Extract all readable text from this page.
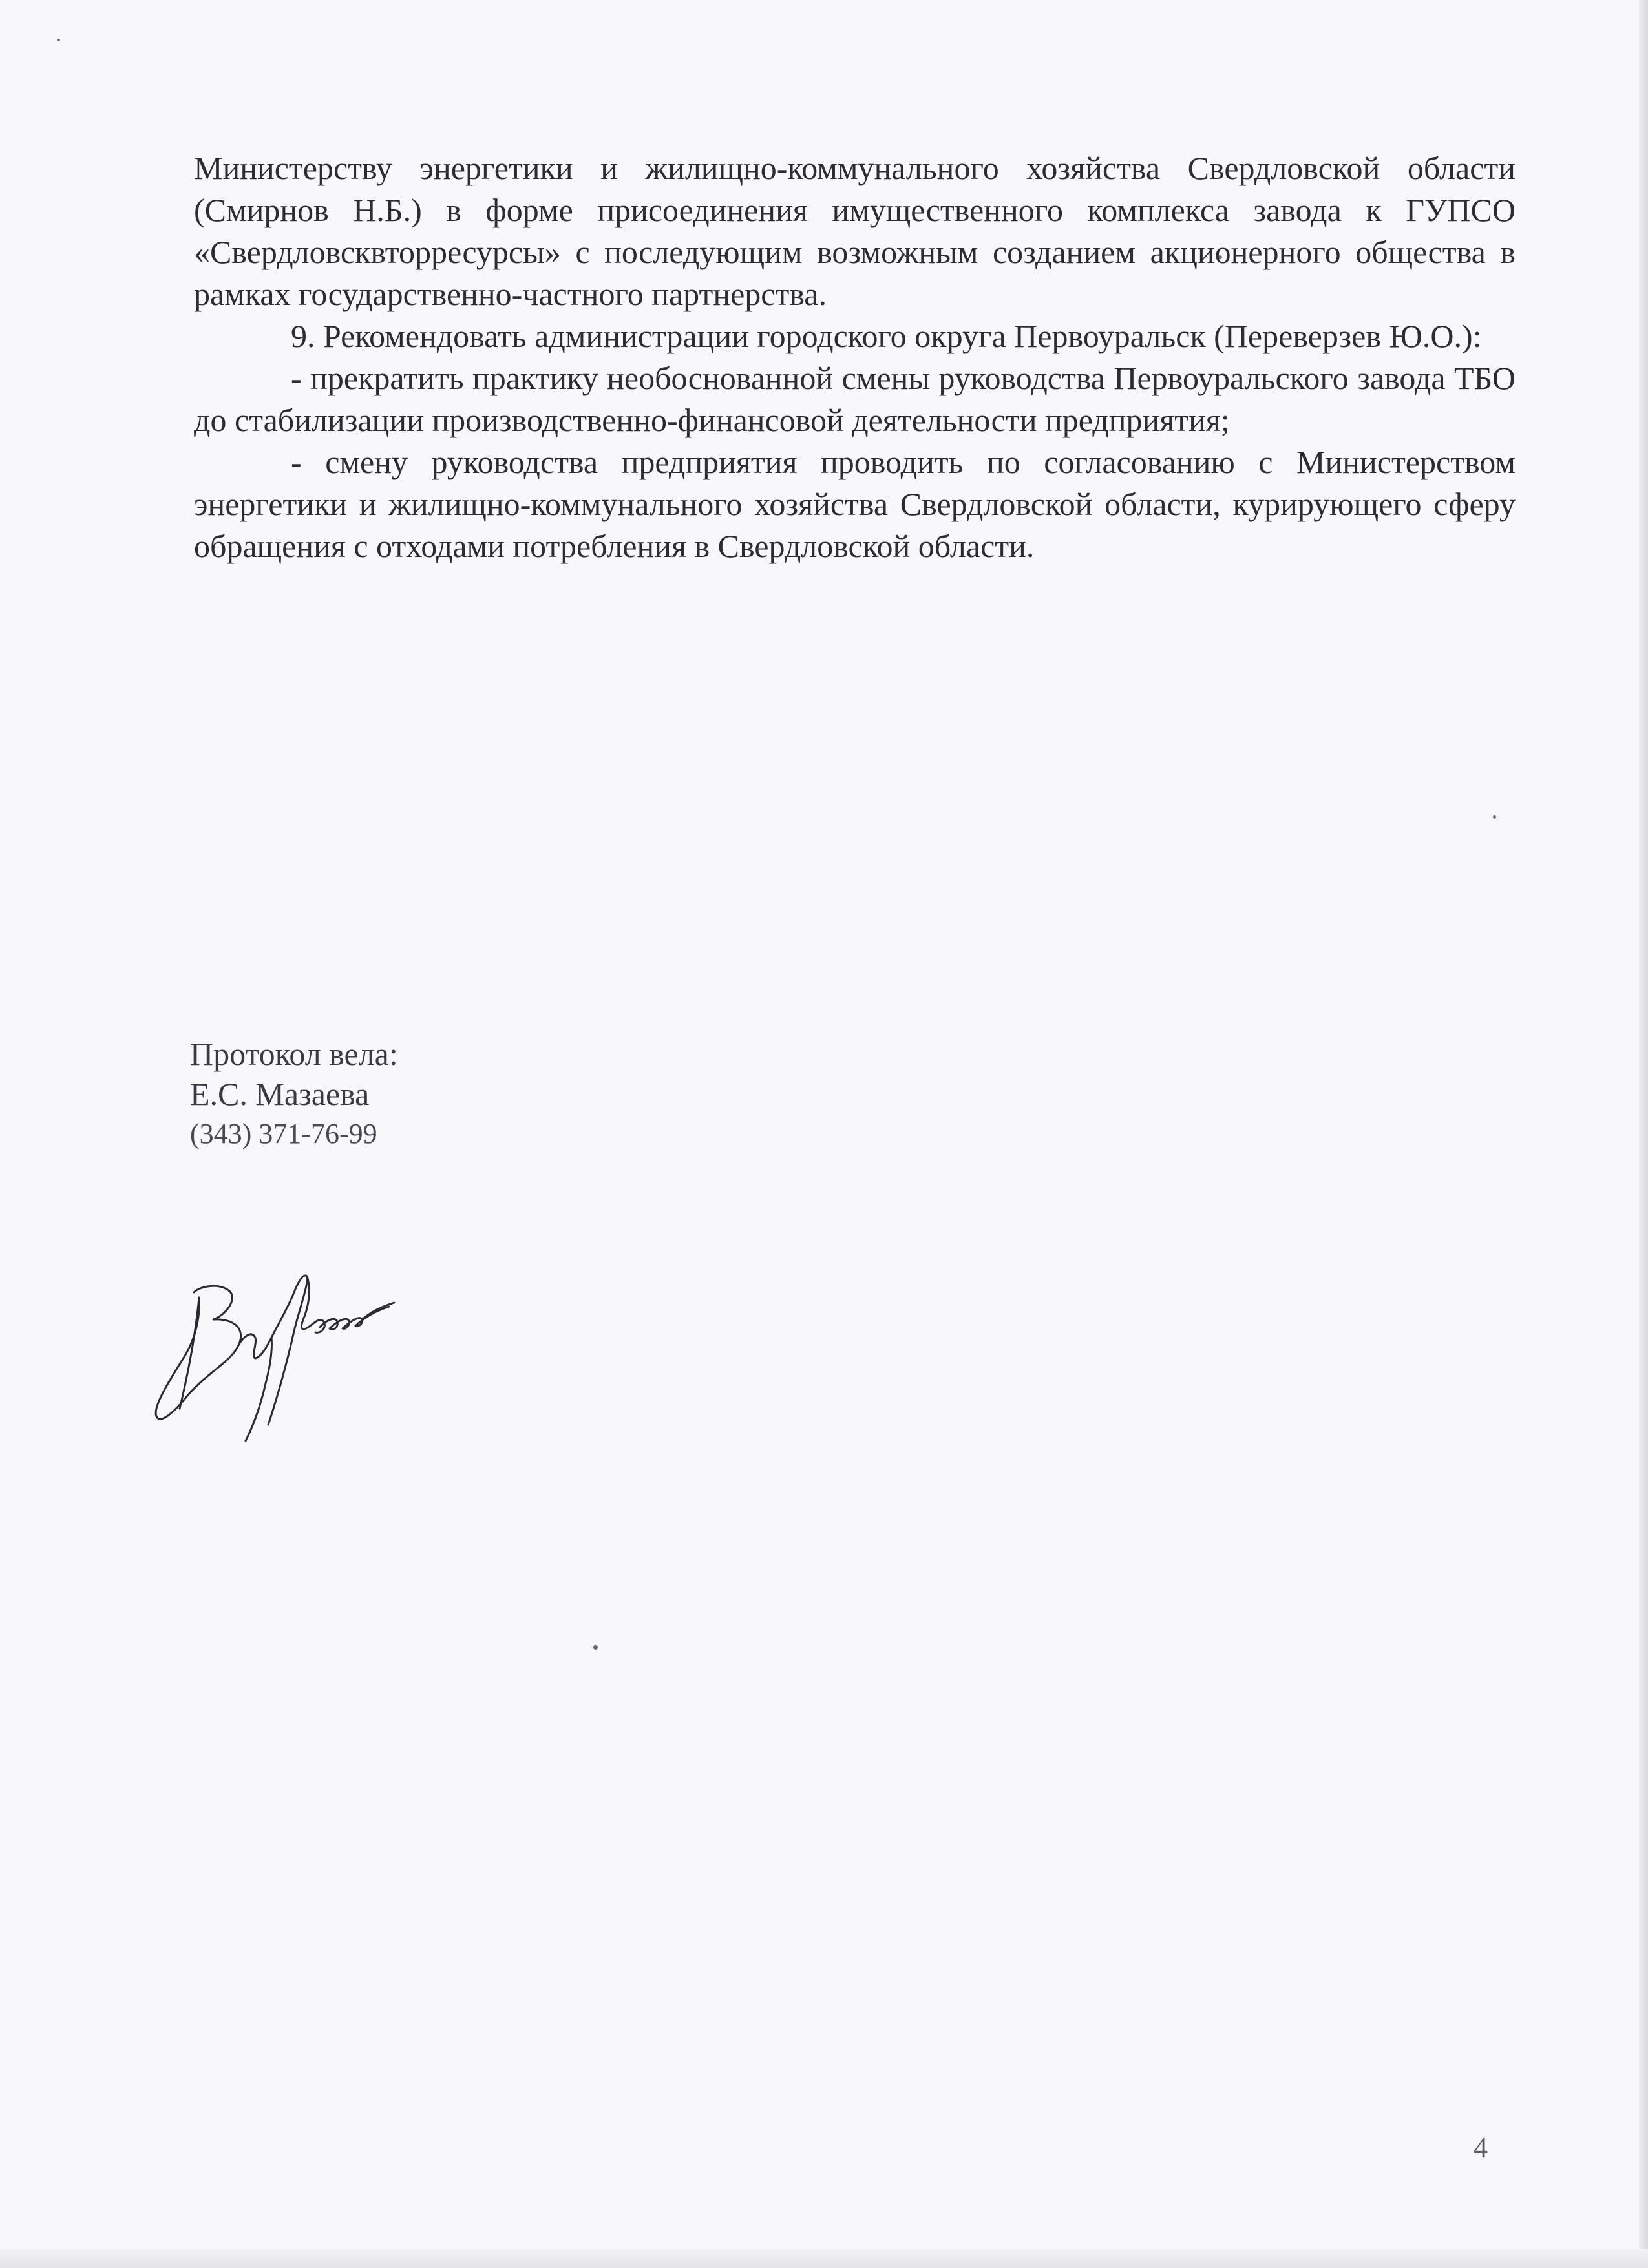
Министерству энергетики и жилищно-коммунального хозяйства Свердловской области (Смирнов Н.Б.) в форме присоединения имущественного комплекса завода к ГУПСО «Свердловсквторресурсы» с последующим возможным созданием акционерного общества в рамках государственно-частного партнерства.

9. Рекомендовать администрации городского округа Первоуральск (Переверзев Ю.О.):

- прекратить практику необоснованной смены руководства Первоуральского завода ТБО до стабилизации производственно-финансовой деятельности предприятия;

- смену руководства предприятия проводить по согласованию с Министерством энергетики и жилищно-коммунального хозяйства Свердловской области, курирующего сферу обращения с отходами потребления в Свердловской области.

Протокол вела:
Е.С. Мазаева
(343) 371-76-99
4
